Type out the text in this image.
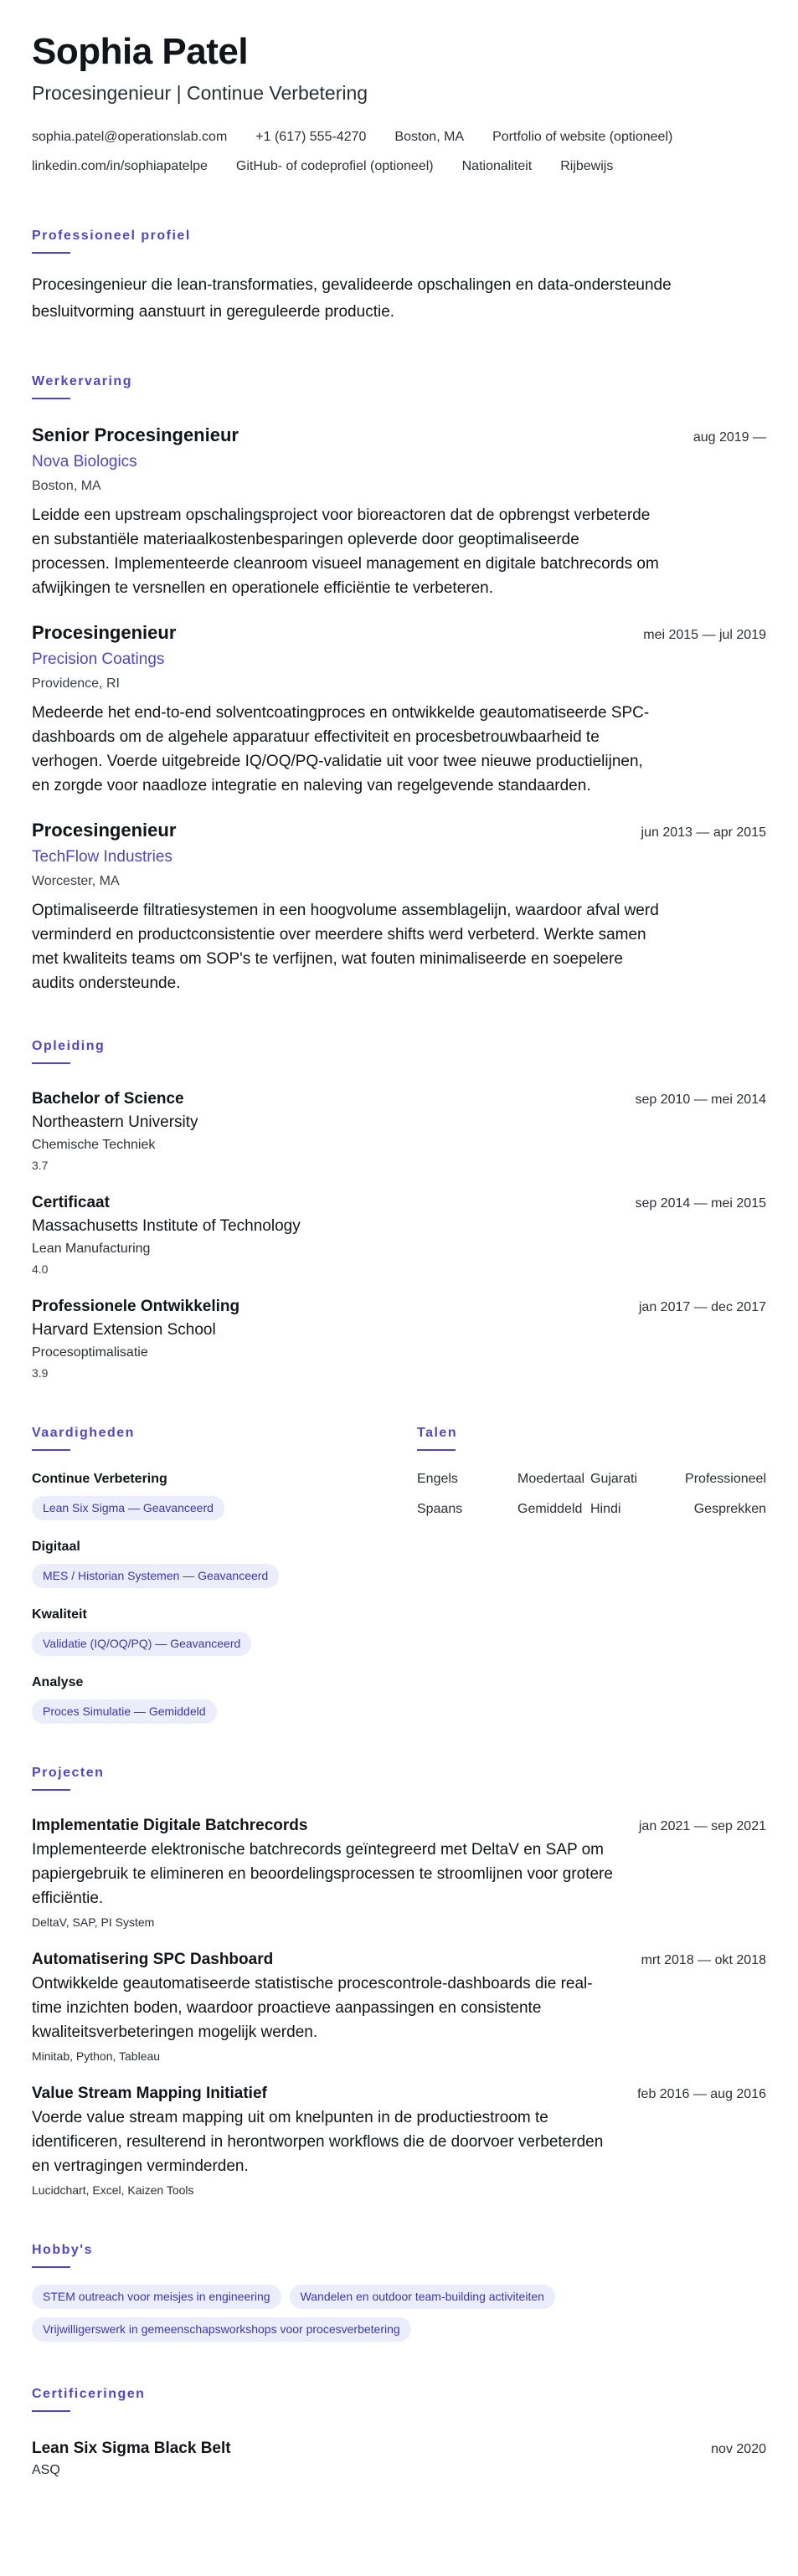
Sophia Patel
Procesingenieur | Continue Verbetering
sophia.patel@operationslab.com +1 (617) 555-4270 Boston, MA Portfolio of website (optioneel)
linkedin.com/in/sophiapatelpe GitHub- of codeprofiel (optioneel) Nationaliteit Rijbewijs
Professioneel profiel
Procesingenieur die lean-transformaties, gevalideerde opschalingen en data-ondersteunde besluitvorming aanstuurt in gereguleerde productie.
Werkervaring
Senior Procesingenieur	aug 2019 —
Nova Biologics
Boston, MA
Leidde een upstream opschalingsproject voor bioreactoren dat de opbrengst verbeterde en substantiële materiaalkostenbesparingen opleverde door geoptimaliseerde processen. Implementeerde cleanroom visueel management en digitale batchrecords om afwijkingen te versnellen en operationele efficiëntie te verbeteren.
Procesingenieur	mei 2015 — jul 2019
Precision Coatings
Providence, RI
Medeerde het end-to-end solventcoatingproces en ontwikkelde geautomatiseerde SPC-dashboards om de algehele apparatuur effectiviteit en procesbetrouwbaarheid te verhogen. Voerde uitgebreide IQ/OQ/PQ-validatie uit voor twee nieuwe productielijnen, en zorgde voor naadloze integratie en naleving van regelgevende standaarden.
Procesingenieur	jun 2013 — apr 2015
TechFlow Industries
Worcester, MA
Optimaliseerde filtratiesystemen in een hoogvolume assemblagelijn, waardoor afval werd verminderd en productconsistentie over meerdere shifts werd verbeterd. Werkte samen met kwaliteits teams om SOP's te verfijnen, wat fouten minimaliseerde en soepelere audits ondersteunde.
Opleiding
Bachelor of Science	sep 2010 — mei 2014
Northeastern University
Chemische Techniek
3.7
Certificaat	sep 2014 — mei 2015
Massachusetts Institute of Technology
Lean Manufacturing
4.0
Professionele Ontwikkeling	jan 2017 — dec 2017
Harvard Extension School
Procesoptimalisatie
3.9
Vaardigheden
Continue Verbetering
Lean Six Sigma — Geavanceerd
Digitaal
MES / Historian Systemen — Geavanceerd
Kwaliteit
Validatie (IQ/OQ/PQ) — Geavanceerd
Analyse
Proces Simulatie — Gemiddeld
Talen
Engels	Moedertaal Gujarati	Professioneel
Spaans	Gemiddeld Hindi	Gesprekken
Projecten
Implementatie Digitale Batchrecords	jan 2021 — sep 2021
Implementeerde elektronische batchrecords geïntegreerd met DeltaV en SAP om papiergebruik te elimineren en beoordelingsprocessen te stroomlijnen voor grotere efficiëntie.
DeltaV, SAP, PI System
Automatisering SPC Dashboard	mrt 2018 — okt 2018
Ontwikkelde geautomatiseerde statistische procescontrole-dashboards die real-time inzichten boden, waardoor proactieve aanpassingen en consistente kwaliteitsverbeteringen mogelijk werden.
Minitab, Python, Tableau
Value Stream Mapping Initiatief	feb 2016 — aug 2016
Voerde value stream mapping uit om knelpunten in de productiestroom te identificeren, resulterend in herontworpen workflows die de doorvoer verbeterden en vertragingen verminderden.
Lucidchart, Excel, Kaizen Tools
Hobby's
STEM outreach voor meisjes in engineering	Wandelen en outdoor team-building activiteiten
Vrijwilligerswerk in gemeenschapsworkshops voor procesverbetering
Certificeringen
Lean Six Sigma Black Belt	nov 2020
ASQ
